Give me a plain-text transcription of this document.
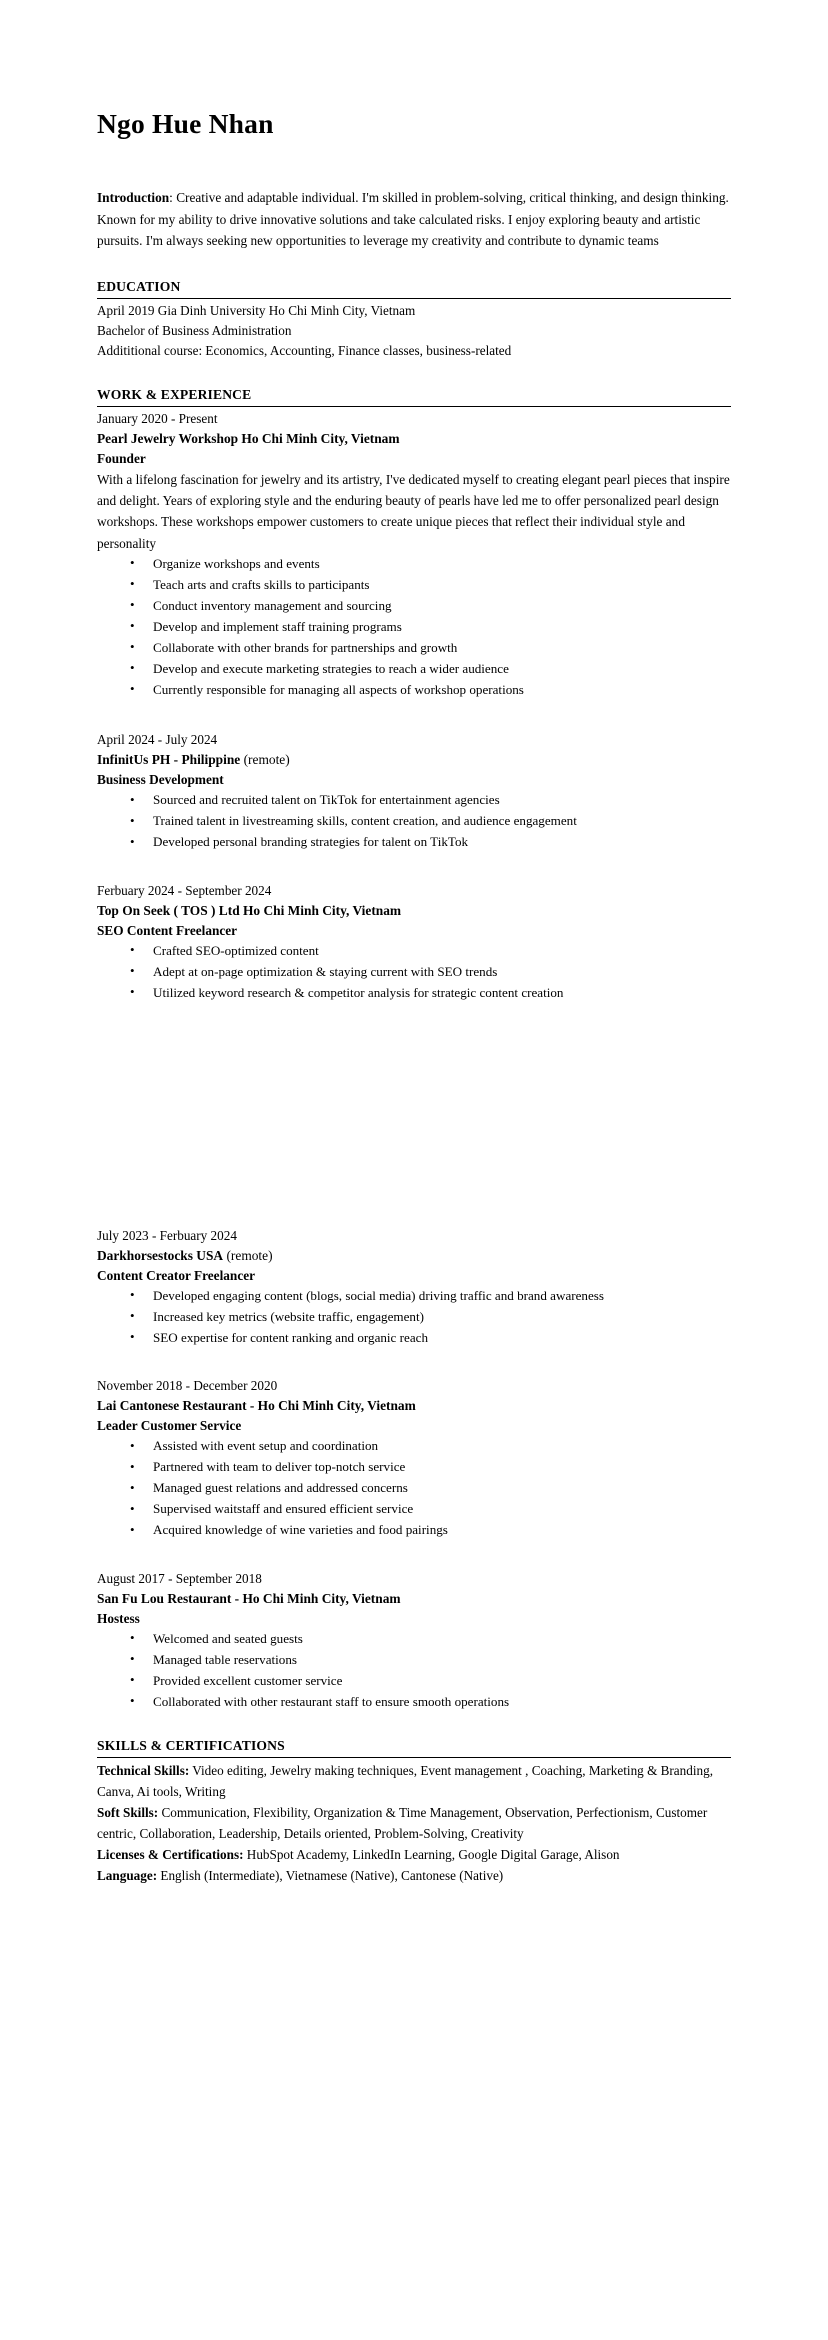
Ngo Hue Nhan

Introduction: Creative and adaptable individual. I'm skilled in problem-solving, critical thinking, and design thinking. Known for my ability to drive innovative solutions and take calculated risks. I enjoy exploring beauty and artistic pursuits. I'm always seeking new opportunities to leverage my creativity and contribute to dynamic teams

EDUCATION

April 2019 Gia Dinh University Ho Chi Minh City, Vietnam

Bachelor of Business Administration

Addititional course: Economics, Accounting, Finance classes, business-related

WORK & EXPERIENCE

January 2020 - Present

Pearl Jewelry Workshop Ho Chi Minh City, Vietnam

Founder

With a lifelong fascination for jewelry and its artistry, I've dedicated myself to creating elegant pearl pieces that inspire and delight. Years of exploring style and the enduring beauty of pearls have led me to offer personalized pearl design workshops. These workshops empower customers to create unique pieces that reflect their individual style and personality

• Organize workshops and events
• Teach arts and crafts skills to participants
• Conduct inventory management and sourcing
• Develop and implement staff training programs
• Collaborate with other brands for partnerships and growth
• Develop and execute marketing strategies to reach a wider audience
• Currently responsible for managing all aspects of workshop operations

April 2024 - July 2024

InfinitUs PH - Philippine (remote)

Business Development

• Sourced and recruited talent on TikTok for entertainment agencies
• Trained talent in livestreaming skills, content creation, and audience engagement
• Developed personal branding strategies for talent on TikTok

Ferbuary 2024 - September 2024

Top On Seek ( TOS ) Ltd Ho Chi Minh City, Vietnam

SEO Content Freelancer

• Crafted SEO-optimized content
• Adept at on-page optimization & staying current with SEO trends
• Utilized keyword research & competitor analysis for strategic content creation

July 2023 - Ferbuary 2024

Darkhorsestocks USA (remote)

Content Creator Freelancer

• Developed engaging content (blogs, social media) driving traffic and brand awareness
• Increased key metrics (website traffic, engagement)
• SEO expertise for content ranking and organic reach

November 2018 - December 2020

Lai Cantonese Restaurant - Ho Chi Minh City, Vietnam

Leader Customer Service

• Assisted with event setup and coordination
• Partnered with team to deliver top-notch service
• Managed guest relations and addressed concerns
• Supervised waitstaff and ensured efficient service
• Acquired knowledge of wine varieties and food pairings

August 2017 - September 2018

San Fu Lou Restaurant - Ho Chi Minh City, Vietnam

Hostess

• Welcomed and seated guests
• Managed table reservations
• Provided excellent customer service
• Collaborated with other restaurant staff to ensure smooth operations
SKILLS & CERTIFICATIONS

Technical Skills: Video editing, Jewelry making techniques, Event management , Coaching, Marketing & Branding, Canva, Ai tools, Writing

Soft Skills: Communication, Flexibility, Organization & Time Management, Observation, Perfectionism, Customer centric, Collaboration, Leadership, Details oriented, Problem-Solving, Creativity

Licenses & Certifications: HubSpot Academy, LinkedIn Learning, Google Digital Garage, Alison

Language: English (Intermediate), Vietnamese (Native), Cantonese (Native)
